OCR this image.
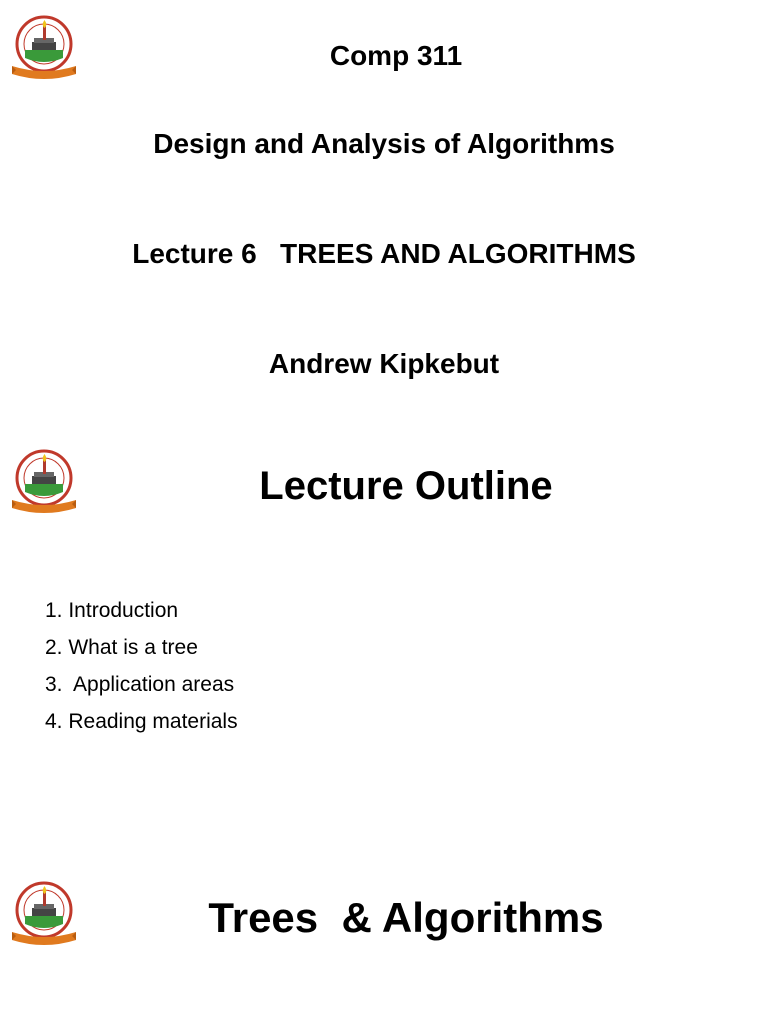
Comp 311
Design and Analysis of Algorithms
Lecture 6   TREES AND ALGORITHMS
Andrew Kipkebut
Lecture Outline
1. Introduction
2. What is a tree
3.  Application areas
4. Reading materials
Trees  & Algorithms
